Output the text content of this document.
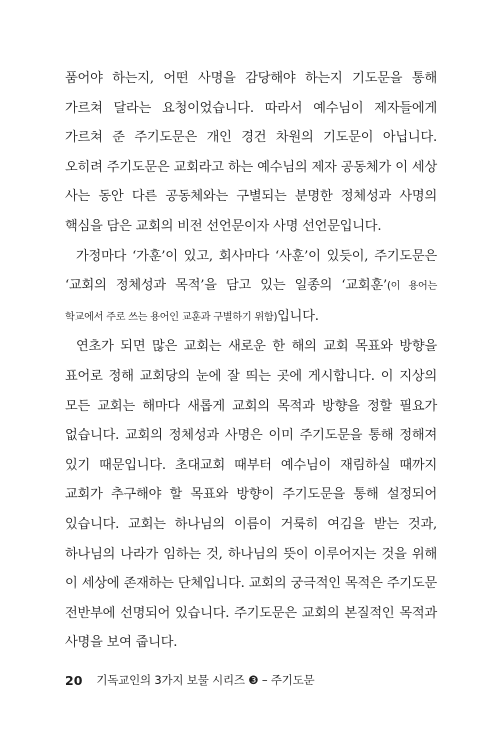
품어야 하는지, 어떤 사명을 감당해야 하는지 기도문을 통해 가르쳐 달라는 요청이었습니다. 따라서 예수님이 제자들에게 가르쳐 준 주기도문은 개인 경건 차원의 기도문이 아닙니다. 오히려 주기도문은 교회라고 하는 예수님의 제자 공동체가 이 세상 사는 동안 다른 공동체와는 구별되는 분명한 정체성과 사명의 핵심을 담은 교회의 비전 선언문이자 사명 선언문입니다.

가정마다 ‘가훈’이 있고, 회사마다 ‘사훈’이 있듯이, 주기도문은 ‘교회의 정체성과 목적’을 담고 있는 일종의 ‘교회훈’(이 용어는 학교에서 주로 쓰는 용어인 교훈과 구별하기 위함)입니다.

연초가 되면 많은 교회는 새로운 한 해의 교회 목표와 방향을 표어로 정해 교회당의 눈에 잘 띄는 곳에 게시합니다. 이 지상의 모든 교회는 해마다 새롭게 교회의 목적과 방향을 정할 필요가 없습니다. 교회의 정체성과 사명은 이미 주기도문을 통해 정해져 있기 때문입니다. 초대교회 때부터 예수님이 재림하실 때까지 교회가 추구해야 할 목표와 방향이 주기도문을 통해 설정되어 있습니다. 교회는 하나님의 이름이 거룩히 여김을 받는 것과, 하나님의 나라가 임하는 것, 하나님의 뜻이 이루어지는 것을 위해 이 세상에 존재하는 단체입니다. 교회의 궁극적인 목적은 주기도문 전반부에 선명되어 있습니다. 주기도문은 교회의 본질적인 목적과 사명을 보여 줍니다.

20 기독교인의 3가지 보물 시리즈 ❸ – 주기도문
